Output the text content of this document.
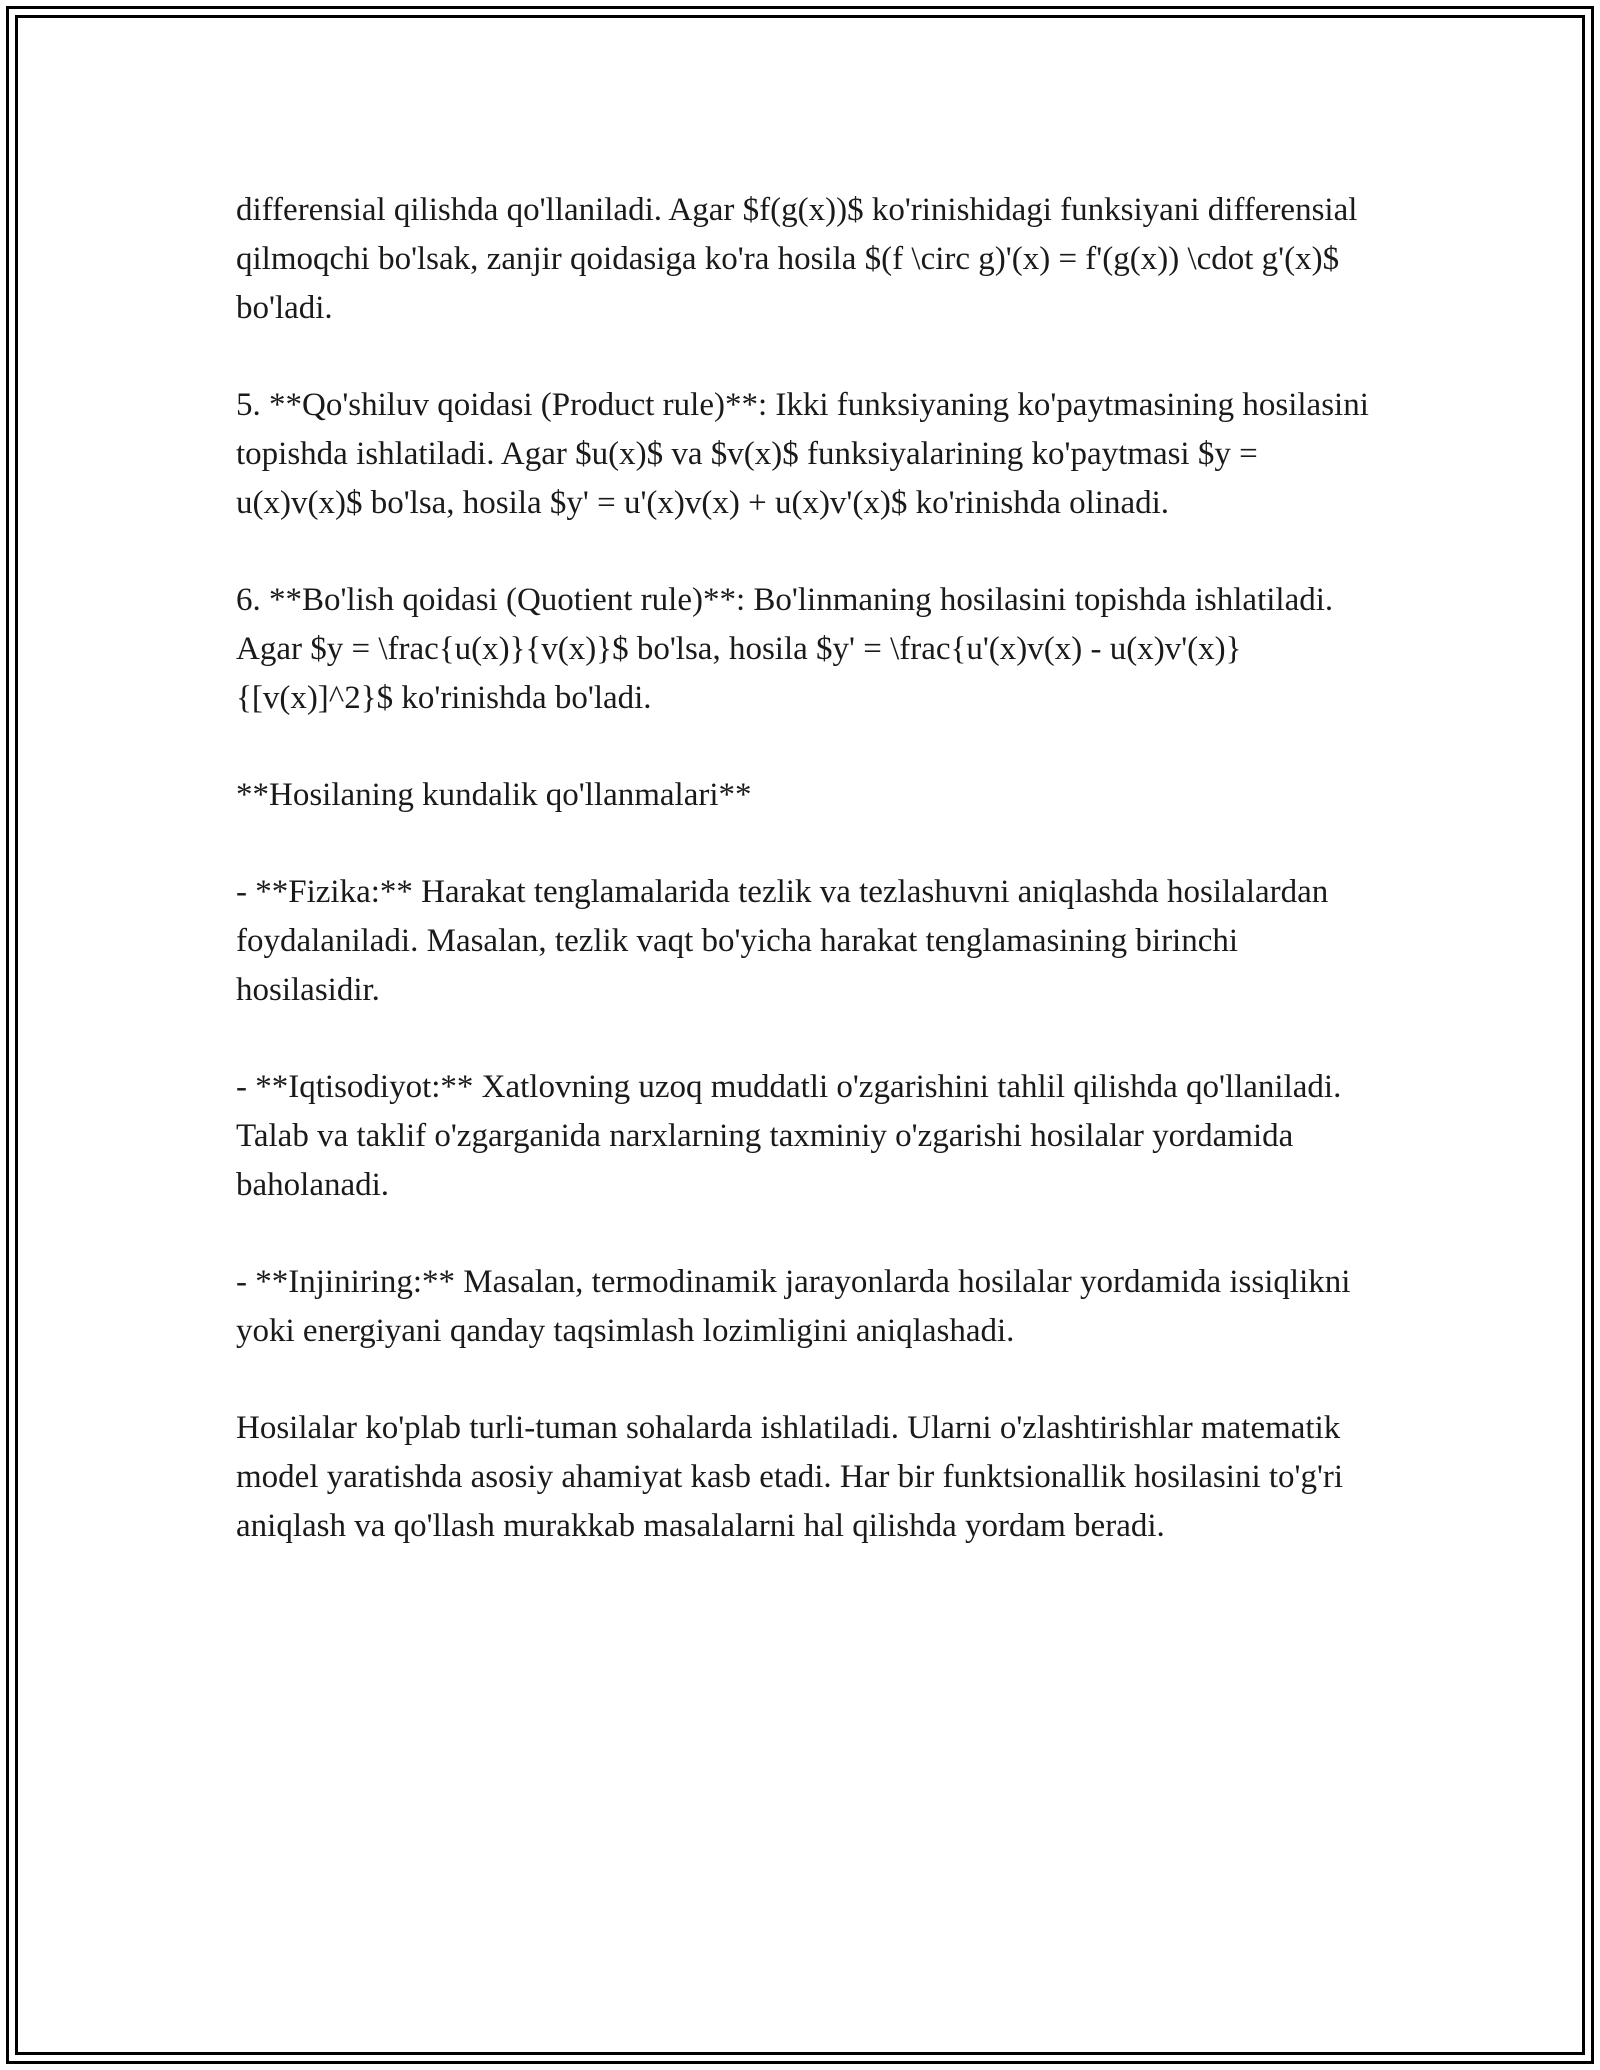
differensial qilishda qo'llaniladi. Agar $f(g(x))$ ko'rinishidagi funksiyani differensial qilmoqchi bo'lsak, zanjir qoidasiga ko'ra hosila $(f \circ g)'(x) = f'(g(x)) \cdot g'(x)$ bo'ladi.

5. **Qo'shiluv qoidasi (Product rule)**: Ikki funksiyaning ko'paytmasining hosilasini topishda ishlatiladi. Agar $u(x)$ va $v(x)$ funksiyalarining ko'paytmasi $y = u(x)v(x)$ bo'lsa, hosila $y' = u'(x)v(x) + u(x)v'(x)$ ko'rinishda olinadi.

6. **Bo'lish qoidasi (Quotient rule)**: Bo'linmaning hosilasini topishda ishlatiladi. Agar $y = \frac{u(x)}{v(x)}$ bo'lsa, hosila $y' = \frac{u'(x)v(x) - u(x)v'(x)}{[v(x)]^2}$ ko'rinishda bo'ladi.

**Hosilaning kundalik qo'llanmalari**

- **Fizika:** Harakat tenglamalarida tezlik va tezlashuvni aniqlashda hosilalardan foydalaniladi. Masalan, tezlik vaqt bo'yicha harakat tenglamasining birinchi hosilasidir.

- **Iqtisodiyot:** Xatlovning uzoq muddatli o'zgarishini tahlil qilishda qo'llaniladi. Talab va taklif o'zgarganida narxlarning taxminiy o'zgarishi hosilalar yordamida baholanadi.

- **Injiniring:** Masalan, termodinamik jarayonlarda hosilalar yordamida issiqlikni yoki energiyani qanday taqsimlash lozimligini aniqlashadi.

Hosilalar ko'plab turli-tuman sohalarda ishlatiladi. Ularni o'zlashtirishlar matematik model yaratishda asosiy ahamiyat kasb etadi. Har bir funktsionallik hosilasini to'g'ri aniqlash va qo'llash murakkab masalalarni hal qilishda yordam beradi.
